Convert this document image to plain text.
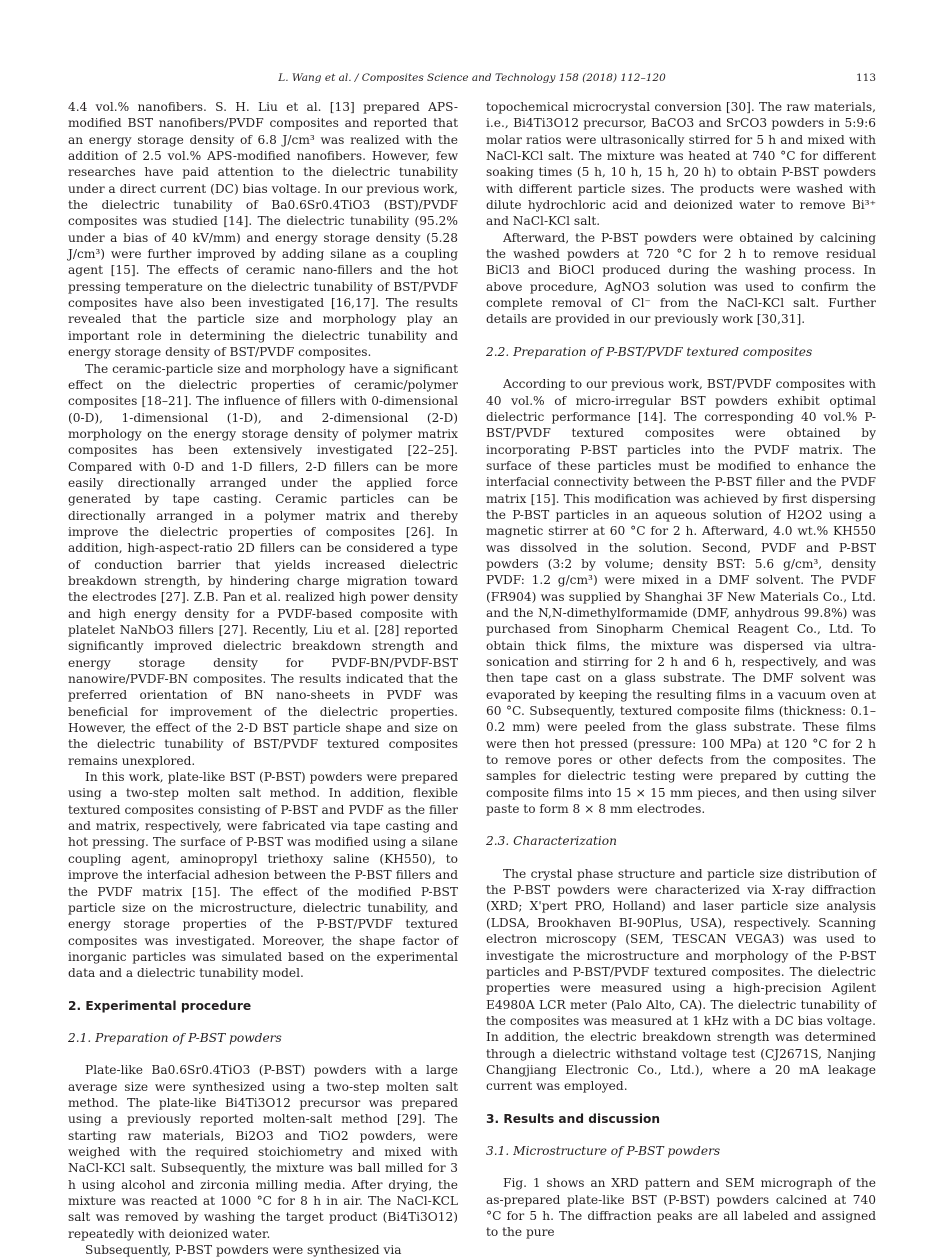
L. Wang et al. / Composites Science and Technology 158 (2018) 112–120	113

4.4 vol.% nanofibers. S. H. Liu et al. [13] prepared APS-modified BST nanofibers/PVDF composites and reported that an energy storage density of 6.8 J/cm³ was realized with the addition of 2.5 vol.% APS-modified nanofibers. However, few researches have paid attention to the dielectric tunability under a direct current (DC) bias voltage. In our previous work, the dielectric tunability of Ba0.6Sr0.4TiO3 (BST)/PVDF composites was studied [14]. The dielectric tunability (95.2% under a bias of 40 kV/mm) and energy storage density (5.28 J/cm³) were further improved by adding silane as a coupling agent [15]. The effects of ceramic nano-fillers and the hot pressing temperature on the dielectric tunability of BST/PVDF composites have also been investigated [16,17]. The results revealed that the particle size and morphology play an important role in determining the dielectric tunability and energy storage density of BST/PVDF composites.

The ceramic-particle size and morphology have a significant effect on the dielectric properties of ceramic/polymer composites [18–21]. The influence of fillers with 0-dimensional (0-D), 1-dimensional (1-D), and 2-dimensional (2-D) morphology on the energy storage density of polymer matrix composites has been extensively investigated [22–25]. Compared with 0-D and 1-D fillers, 2-D fillers can be more easily directionally arranged under the applied force generated by tape casting. Ceramic particles can be directionally arranged in a polymer matrix and thereby improve the dielectric properties of composites [26]. In addition, high-aspect-ratio 2D fillers can be considered a type of conduction barrier that yields increased dielectric breakdown strength, by hindering charge migration toward the electrodes [27]. Z.B. Pan et al. realized high power density and high energy density for a PVDF-based composite with platelet NaNbO3 fillers [27]. Recently, Liu et al. [28] reported significantly improved dielectric breakdown strength and energy storage density for PVDF-BN/PVDF-BST nanowire/PVDF-BN composites. The results indicated that the preferred orientation of BN nano-sheets in PVDF was beneficial for improvement of the dielectric properties. However, the effect of the 2-D BST particle shape and size on the dielectric tunability of BST/PVDF textured composites remains unexplored.

In this work, plate-like BST (P-BST) powders were prepared using a two-step molten salt method. In addition, flexible textured composites consisting of P-BST and PVDF as the filler and matrix, respectively, were fabricated via tape casting and hot pressing. The surface of P-BST was modified using a silane coupling agent, aminopropyl triethoxy saline (KH550), to improve the interfacial adhesion between the P-BST fillers and the PVDF matrix [15]. The effect of the modified P-BST particle size on the microstructure, dielectric tunability, and energy storage properties of the P-BST/PVDF textured composites was investigated. Moreover, the shape factor of inorganic particles was simulated based on the experimental data and a dielectric tunability model.

2. Experimental procedure
2.1. Preparation of P-BST powders

Plate-like Ba0.6Sr0.4TiO3 (P-BST) powders with a large average size were synthesized using a two-step molten salt method. The plate-like Bi4Ti3O12 precursor was prepared using a previously reported molten-salt method [29]. The starting raw materials, Bi2O3 and TiO2 powders, were weighed with the required stoichiometry and mixed with NaCl-KCl salt. Subsequently, the mixture was ball milled for 3 h using alcohol and zirconia milling media. After drying, the mixture was reacted at 1000 °C for 8 h in air. The NaCl-KCL salt was removed by washing the target product (Bi4Ti3O12) repeatedly with deionized water.

Subsequently, P-BST powders were synthesized via

topochemical microcrystal conversion [30]. The raw materials, i.e., Bi4Ti3O12 precursor, BaCO3 and SrCO3 powders in 5:9:6 molar ratios were ultrasonically stirred for 5 h and mixed with NaCl-KCl salt. The mixture was heated at 740 °C for different soaking times (5 h, 10 h, 15 h, 20 h) to obtain P-BST powders with different particle sizes. The products were washed with dilute hydrochloric acid and deionized water to remove Bi³⁺ and NaCl-KCl salt.

Afterward, the P-BST powders were obtained by calcining the washed powders at 720 °C for 2 h to remove residual BiCl3 and BiOCl produced during the washing process. In above procedure, AgNO3 solution was used to confirm the complete removal of Cl⁻ from the NaCl-KCl salt. Further details are provided in our previously work [30,31].

2.2. Preparation of P-BST/PVDF textured composites

According to our previous work, BST/PVDF composites with 40 vol.% of micro-irregular BST powders exhibit optimal dielectric performance [14]. The corresponding 40 vol.% P-BST/PVDF textured composites were obtained by incorporating P-BST particles into the PVDF matrix. The surface of these particles must be modified to enhance the interfacial connectivity between the P-BST filler and the PVDF matrix [15]. This modification was achieved by first dispersing the P-BST particles in an aqueous solution of H2O2 using a magnetic stirrer at 60 °C for 2 h. Afterward, 4.0 wt.% KH550 was dissolved in the solution. Second, PVDF and P-BST powders (3:2 by volume; density BST: 5.6 g/cm³, density PVDF: 1.2 g/cm³) were mixed in a DMF solvent. The PVDF (FR904) was supplied by Shanghai 3F New Materials Co., Ltd. and the N,N-dimethylformamide (DMF, anhydrous 99.8%) was purchased from Sinopharm Chemical Reagent Co., Ltd. To obtain thick films, the mixture was dispersed via ultra-sonication and stirring for 2 h and 6 h, respectively, and was then tape cast on a glass substrate. The DMF solvent was evaporated by keeping the resulting films in a vacuum oven at 60 °C. Subsequently, textured composite films (thickness: 0.1–0.2 mm) were peeled from the glass substrate. These films were then hot pressed (pressure: 100 MPa) at 120 °C for 2 h to remove pores or other defects from the composites. The samples for dielectric testing were prepared by cutting the composite films into 15 × 15 mm pieces, and then using silver paste to form 8 × 8 mm electrodes.

2.3. Characterization

The crystal phase structure and particle size distribution of the P-BST powders were characterized via X-ray diffraction (XRD; X'pert PRO, Holland) and laser particle size analysis (LDSA, Brookhaven BI-90Plus, USA), respectively. Scanning electron microscopy (SEM, TESCAN VEGA3) was used to investigate the microstructure and morphology of the P-BST particles and P-BST/PVDF textured composites. The dielectric properties were measured using a high-precision Agilent E4980A LCR meter (Palo Alto, CA). The dielectric tunability of the composites was measured at 1 kHz with a DC bias voltage. In addition, the electric breakdown strength was determined through a dielectric withstand voltage test (CJ2671S, Nanjing Changjiang Electronic Co., Ltd.), where a 20 mA leakage current was employed.

3. Results and discussion
3.1. Microstructure of P-BST powders

Fig. 1 shows an XRD pattern and SEM micrograph of the as-prepared plate-like BST (P-BST) powders calcined at 740 °C for 5 h. The diffraction peaks are all labeled and assigned to the pure
